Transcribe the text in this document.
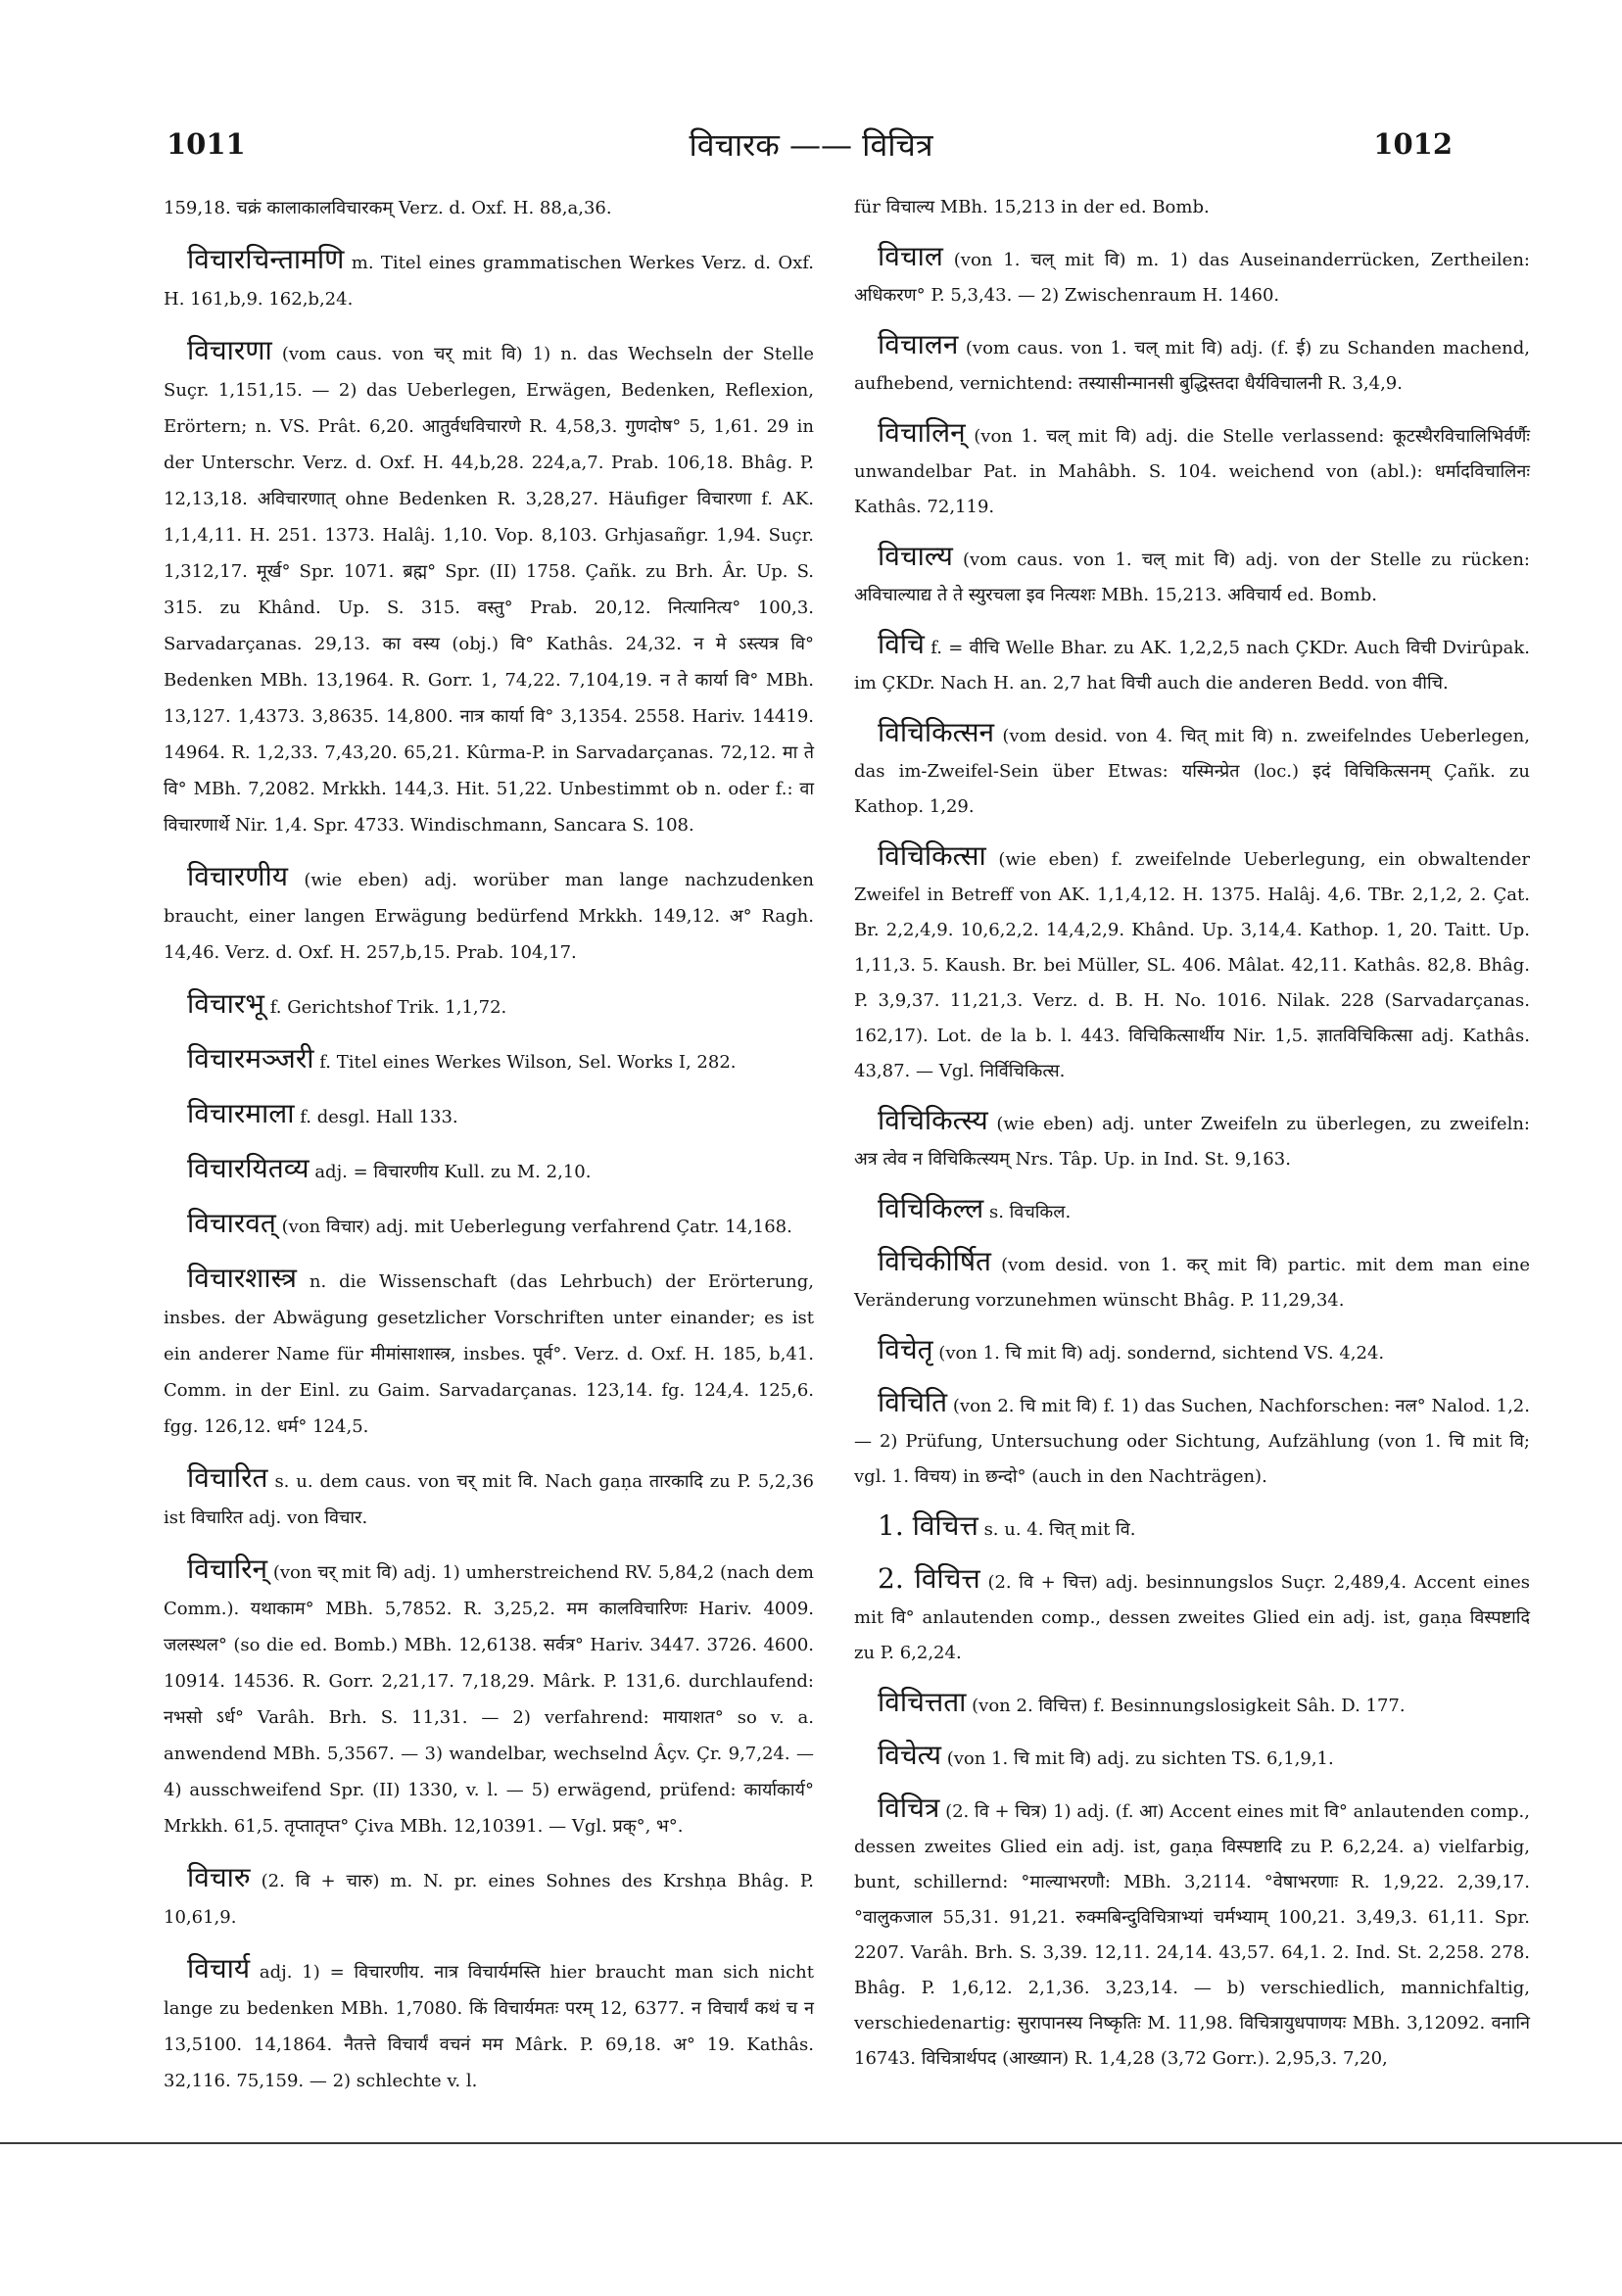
1011	विचारक —— विचित्र	1012

159,18. चक्रं कालाकालविचारकम् Verz. d. Oxf. H. 88,a,36.

विचारचिन्तामणि m. Titel eines grammatischen Werkes Verz. d. Oxf. H. 161,b,9. 162,b,24.

विचारणा (vom caus. von चर् mit वि) 1) n. das Wechseln der Stelle Suçr. 1,151,15. — 2) das Ueberlegen, Erwägen, Bedenken, Reflexion, Erörtern; n. VS. Prât. 6,20. आतुर्वधविचारणे R. 4,58,3. गुणदोष° 5, 1,61. 29 in der Unterschr. Verz. d. Oxf. H. 44,b,28. 224,a,7. Prab. 106,18. Bhâg. P. 12,13,18. अविचारणात् ohne Bedenken R. 3,28,27. Häufiger विचारणा f. AK. 1,1,4,11. H. 251. 1373. Halâj. 1,10. Vop. 8,103. Grhjasañgr. 1,94. Suçr. 1,312,17. मूर्ख° Spr. 1071. ब्रह्म° Spr. (II) 1758. Çañk. zu Brh. Âr. Up. S. 315. zu Khând. Up. S. 315. वस्तु° Prab. 20,12. नित्यानित्य° 100,3. Sarvadarçanas. 29,13. का वस्य (obj.) वि° Kathâs. 24,32. न मे ऽस्त्यत्र वि° Bedenken MBh. 13,1964. R. Gorr. 1, 74,22. 7,104,19. न ते कार्या वि° MBh. 13,127. 1,4373. 3,8635. 14,800. नात्र कार्या वि° 3,1354. 2558. Hariv. 14419. 14964. R. 1,2,33. 7,43,20. 65,21. Kûrma-P. in Sarvadarçanas. 72,12. मा ते वि° MBh. 7,2082. Mrkkh. 144,3. Hit. 51,22. Unbestimmt ob n. oder f.: वा विचारणार्थे Nir. 1,4. Spr. 4733. Windischmann, Sancara S. 108.

विचारणीय (wie eben) adj. worüber man lange nachzudenken braucht, einer langen Erwägung bedürfend Mrkkh. 149,12. अ° Ragh. 14,46. Verz. d. Oxf. H. 257,b,15. Prab. 104,17.

विचारभू f. Gerichtshof Trik. 1,1,72.

विचारमञ्जरी f. Titel eines Werkes Wilson, Sel. Works I, 282.

विचारमाला f. desgl. Hall 133.

विचारयितव्य adj. = विचारणीय Kull. zu M. 2,10.

विचारवत् (von विचार) adj. mit Ueberlegung verfahrend Çatr. 14,168.

विचारशास्त्र n. die Wissenschaft (das Lehrbuch) der Erörterung, insbes. der Abwägung gesetzlicher Vorschriften unter einander; es ist ein anderer Name für मीमांसाशास्त्र, insbes. पूर्व°. Verz. d. Oxf. H. 185, b,41. Comm. in der Einl. zu Gaim. Sarvadarçanas. 123,14. fg. 124,4. 125,6. fgg. 126,12. धर्म° 124,5.

विचारित s. u. dem caus. von चर् mit वि. Nach gaṇa तारकादि zu P. 5,2,36 ist विचारित adj. von विचार.

विचारिन् (von चर् mit वि) adj. 1) umherstreichend RV. 5,84,2 (nach dem Comm.). यथाकाम° MBh. 5,7852. R. 3,25,2. मम कालविचारिणः Hariv. 4009. जलस्थल° (so die ed. Bomb.) MBh. 12,6138. सर्वत्र° Hariv. 3447. 3726. 4600. 10914. 14536. R. Gorr. 2,21,17. 7,18,29. Mârk. P. 131,6. durchlaufend: नभसो ऽर्ध° Varâh. Brh. S. 11,31. — 2) verfahrend: मायाशत° so v. a. anwendend MBh. 5,3567. — 3) wandelbar, wechselnd Âçv. Çr. 9,7,24. — 4) ausschweifend Spr. (II) 1330, v. l. — 5) erwägend, prüfend: कार्याकार्य° Mrkkh. 61,5. तृप्तातृप्त° Çiva MBh. 12,10391. — Vgl. प्रक्°, भ°.

विचारु (2. वि + चारु) m. N. pr. eines Sohnes des Krshṇa Bhâg. P. 10,61,9.

विचार्य adj. 1) = विचारणीय. नात्र विचार्यमस्ति hier braucht man sich nicht lange zu bedenken MBh. 1,7080. किं विचार्यमतः परम् 12, 6377. न विचार्यं कथं च न 13,5100. 14,1864. नैतत्ते विचार्यं वचनं मम Mârk. P. 69,18. अ° 19. Kathâs. 32,116. 75,159. — 2) schlechte v. l.

für विचाल्य MBh. 15,213 in der ed. Bomb.

विचाल (von 1. चल् mit वि) m. 1) das Auseinanderrücken, Zertheilen: अधिकरण° P. 5,3,43. — 2) Zwischenraum H. 1460.

विचालन (vom caus. von 1. चल् mit वि) adj. (f. ई) zu Schanden machend, aufhebend, vernichtend: तस्यासीन्मानसी बुद्धिस्तदा धैर्यविचालनी R. 3,4,9.

विचालिन् (von 1. चल् mit वि) adj. die Stelle verlassend: कूटस्थैरविचालिभिर्वर्णैः unwandelbar Pat. in Mahâbh. S. 104. weichend von (abl.): धर्मादविचालिनः Kathâs. 72,119.

विचाल्य (vom caus. von 1. चल् mit वि) adj. von der Stelle zu rücken: अविचाल्याद्य ते ते स्युरचला इव नित्यशः MBh. 15,213. अविचार्य ed. Bomb.

विचि f. = वीचि Welle Bhar. zu AK. 1,2,2,5 nach ÇKDr. Auch विची Dvirûpak. im ÇKDr. Nach H. an. 2,7 hat विची auch die anderen Bedd. von वीचि.

विचिकित्सन (vom desid. von 4. चित् mit वि) n. zweifelndes Ueberlegen, das im-Zweifel-Sein über Etwas: यस्मिन्प्रेत (loc.) इदं विचिकित्सनम् Çañk. zu Kathop. 1,29.

विचिकित्सा (wie eben) f. zweifelnde Ueberlegung, ein obwaltender Zweifel in Betreff von AK. 1,1,4,12. H. 1375. Halâj. 4,6. TBr. 2,1,2, 2. Çat. Br. 2,2,4,9. 10,6,2,2. 14,4,2,9. Khând. Up. 3,14,4. Kathop. 1, 20. Taitt. Up. 1,11,3. 5. Kaush. Br. bei Müller, SL. 406. Mâlat. 42,11. Kathâs. 82,8. Bhâg. P. 3,9,37. 11,21,3. Verz. d. B. H. No. 1016. Nilak. 228 (Sarvadarçanas. 162,17). Lot. de la b. l. 443. विचिकित्सार्थीय Nir. 1,5. ज्ञातविचिकित्सा adj. Kathâs. 43,87. — Vgl. निर्विचिकित्स.

विचिकित्स्य (wie eben) adj. unter Zweifeln zu überlegen, zu zweifeln: अत्र त्वेव न विचिकित्स्यम् Nrs. Tâp. Up. in Ind. St. 9,163.

विचिकिल्ल s. विचकिल.

विचिकीर्षित (vom desid. von 1. कर् mit वि) partic. mit dem man eine Veränderung vorzunehmen wünscht Bhâg. P. 11,29,34.

विचेतृ (von 1. चि mit वि) adj. sondernd, sichtend VS. 4,24.

विचिति (von 2. चि mit वि) f. 1) das Suchen, Nachforschen: नल° Nalod. 1,2. — 2) Prüfung, Untersuchung oder Sichtung, Aufzählung (von 1. चि mit वि; vgl. 1. विचय) in छन्दो° (auch in den Nachträgen).

1. विचित्त s. u. 4. चित् mit वि.

2. विचित्त (2. वि + चित्त) adj. besinnungslos Suçr. 2,489,4. Accent eines mit वि° anlautenden comp., dessen zweites Glied ein adj. ist, gaṇa विस्पष्टादि zu P. 6,2,24.

विचित्तता (von 2. विचित्त) f. Besinnungslosigkeit Sâh. D. 177.

विचेत्य (von 1. चि mit वि) adj. zu sichten TS. 6,1,9,1.

विचित्र (2. वि + चित्र) 1) adj. (f. आ) Accent eines mit वि° anlautenden comp., dessen zweites Glied ein adj. ist, gaṇa विस्पष्टादि zu P. 6,2,24. a) vielfarbig, bunt, schillernd: °माल्याभरणौ: MBh. 3,2114. °वेषाभरणाः R. 1,9,22. 2,39,17. °वालुकजाल 55,31. 91,21. रुक्मबिन्दुविचित्राभ्यां चर्मभ्याम् 100,21. 3,49,3. 61,11. Spr. 2207. Varâh. Brh. S. 3,39. 12,11. 24,14. 43,57. 64,1. 2. Ind. St. 2,258. 278. Bhâg. P. 1,6,12. 2,1,36. 3,23,14. — b) verschiedlich, mannichfaltig, verschiedenartig: सुरापानस्य निष्कृतिः M. 11,98. विचित्रायुधपाणयः MBh. 3,12092. वनानि 16743. विचित्रार्थपद (आख्यान) R. 1,4,28 (3,72 Gorr.). 2,95,3. 7,20,
